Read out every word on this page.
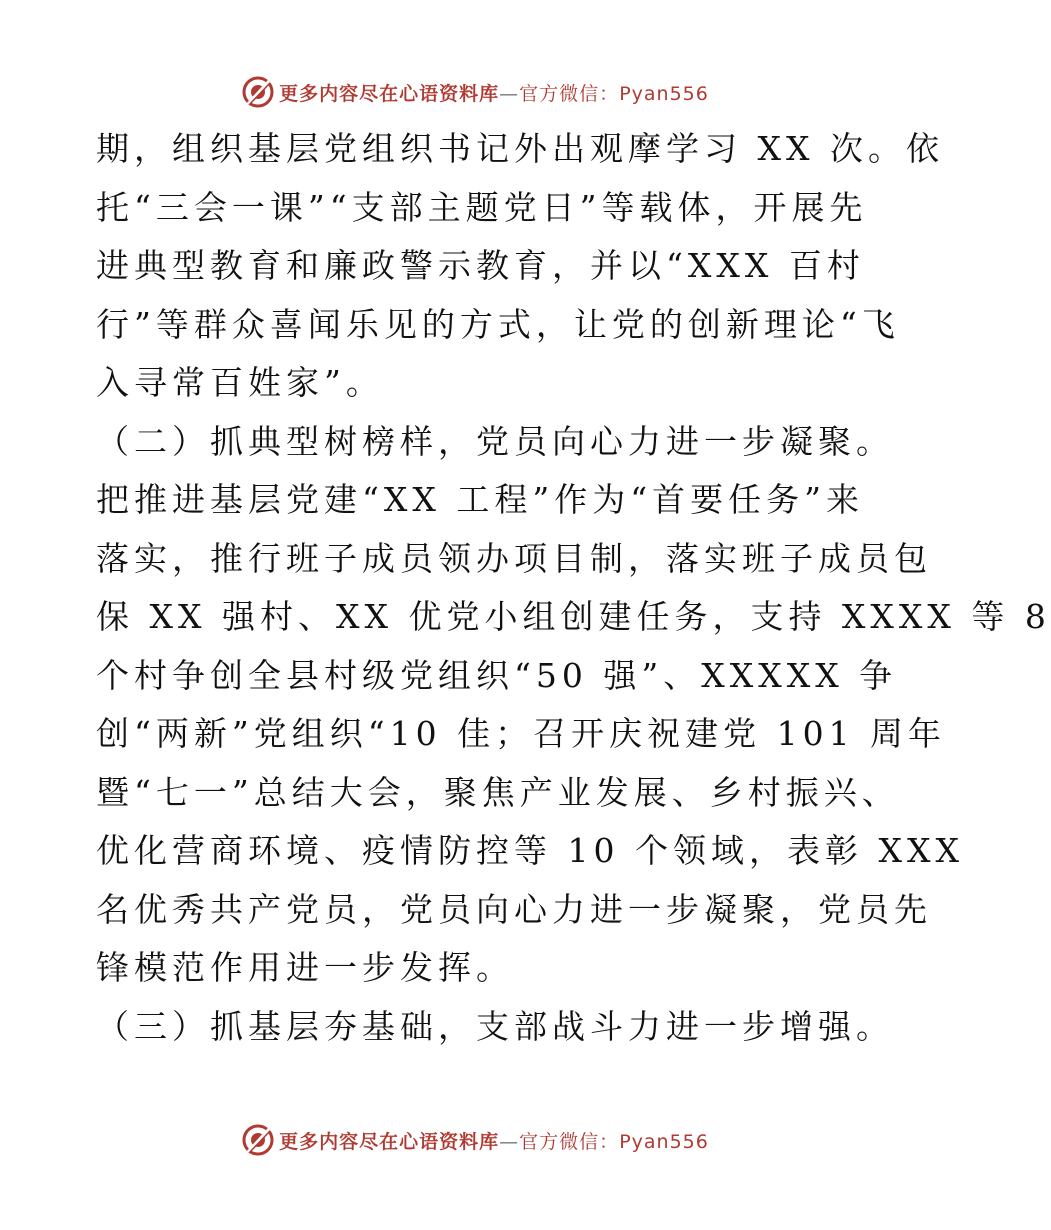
更多内容尽在心语资料库—官方微信：Pyan556
期，组织基层党组织书记外出观摩学习 XX 次。依
托“三会一课”“支部主题党日”等载体，开展先
进典型教育和廉政警示教育，并以“XXX 百村
行”等群众喜闻乐见的方式，让党的创新理论“飞
入寻常百姓家”。
（二）抓典型树榜样，党员向心力进一步凝聚。
把推进基层党建“XX 工程”作为“首要任务”来
落实，推行班子成员领办项目制，落实班子成员包
保 XX 强村、XX 优党小组创建任务，支持 XXXX 等 8
个村争创全县村级党组织“50 强”、XXXXX 争
创“两新”党组织“10 佳；召开庆祝建党 101 周年
暨“七一”总结大会，聚焦产业发展、乡村振兴、
优化营商环境、疫情防控等 10 个领域，表彰 XXX
名优秀共产党员，党员向心力进一步凝聚，党员先
锋模范作用进一步发挥。
（三）抓基层夯基础，支部战斗力进一步增强。
更多内容尽在心语资料库—官方微信：Pyan556
